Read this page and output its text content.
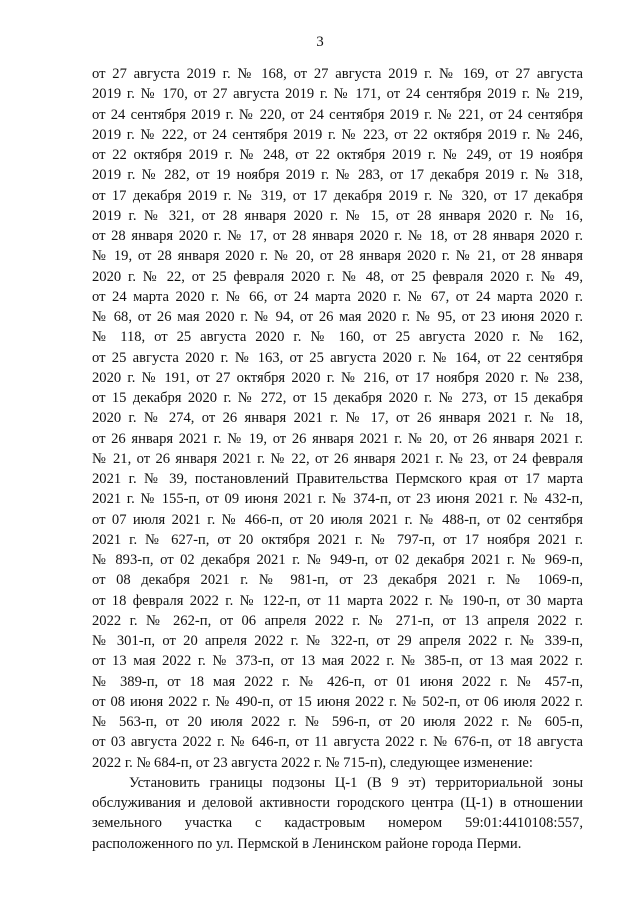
3
от 27 августа 2019 г. № 168, от 27 августа 2019 г. № 169, от 27 августа
2019 г. № 170, от 27 августа 2019 г. № 171, от 24 сентября 2019 г. № 219,
от 24 сентября 2019 г. № 220, от 24 сентября 2019 г. № 221, от 24 сентября
2019 г. № 222, от 24 сентября 2019 г. № 223, от 22 октября 2019 г. № 246,
от 22 октября 2019 г. № 248, от 22 октября 2019 г. № 249, от 19 ноября
2019 г. № 282, от 19 ноября 2019 г. № 283, от 17 декабря 2019 г. № 318,
от 17 декабря 2019 г. № 319, от 17 декабря 2019 г. № 320, от 17 декабря
2019 г. № 321, от 28 января 2020 г. № 15, от 28 января 2020 г. № 16,
от 28 января 2020 г. № 17, от 28 января 2020 г. № 18, от 28 января 2020 г.
№ 19, от 28 января 2020 г. № 20, от 28 января 2020 г. № 21, от 28 января
2020 г. № 22, от 25 февраля 2020 г. № 48, от 25 февраля 2020 г. № 49,
от 24 марта 2020 г. № 66, от 24 марта 2020 г. № 67, от 24 марта 2020 г.
№ 68, от 26 мая 2020 г. № 94, от 26 мая 2020 г. № 95, от 23 июня 2020 г.
№ 118, от 25 августа 2020 г. № 160, от 25 августа 2020 г. № 162,
от 25 августа 2020 г. № 163, от 25 августа 2020 г. № 164, от 22 сентября
2020 г. № 191, от 27 октября 2020 г. № 216, от 17 ноября 2020 г. № 238,
от 15 декабря 2020 г. № 272, от 15 декабря 2020 г. № 273, от 15 декабря
2020 г. № 274, от 26 января 2021 г. № 17, от 26 января 2021 г. № 18,
от 26 января 2021 г. № 19, от 26 января 2021 г. № 20, от 26 января 2021 г.
№ 21, от 26 января 2021 г. № 22, от 26 января 2021 г. № 23, от 24 февраля
2021 г. № 39, постановлений Правительства Пермского края от 17 марта
2021 г. № 155-п, от 09 июня 2021 г. № 374-п, от 23 июня 2021 г. № 432-п,
от 07 июля 2021 г. № 466-п, от 20 июля 2021 г. № 488-п, от 02 сентября
2021 г. № 627-п, от 20 октября 2021 г. № 797-п, от 17 ноября 2021 г.
№ 893-п, от 02 декабря 2021 г. № 949-п, от 02 декабря 2021 г. № 969-п,
от 08 декабря 2021 г. № 981-п, от 23 декабря 2021 г. № 1069-п,
от 18 февраля 2022 г. № 122-п, от 11 марта 2022 г. № 190-п, от 30 марта
2022 г. № 262-п, от 06 апреля 2022 г. № 271-п, от 13 апреля 2022 г.
№ 301-п, от 20 апреля 2022 г. № 322-п, от 29 апреля 2022 г. № 339-п,
от 13 мая 2022 г. № 373-п, от 13 мая 2022 г. № 385-п, от 13 мая 2022 г.
№ 389-п, от 18 мая 2022 г. № 426-п, от 01 июня 2022 г. № 457-п,
от 08 июня 2022 г. № 490-п, от 15 июня 2022 г. № 502-п, от 06 июля 2022 г.
№ 563-п, от 20 июля 2022 г. № 596-п, от 20 июля 2022 г. № 605-п,
от 03 августа 2022 г. № 646-п, от 11 августа 2022 г. № 676-п, от 18 августа
2022 г. № 684-п, от 23 августа 2022 г. № 715-п), следующее изменение:
Установить границы подзоны Ц-1 (В 9 эт) территориальной зоны
обслуживания и деловой активности городского центра (Ц-1) в отношении
земельного участка с кадастровым номером 59:01:4410108:557,
расположенного по ул. Пермской в Ленинском районе города Перми.
